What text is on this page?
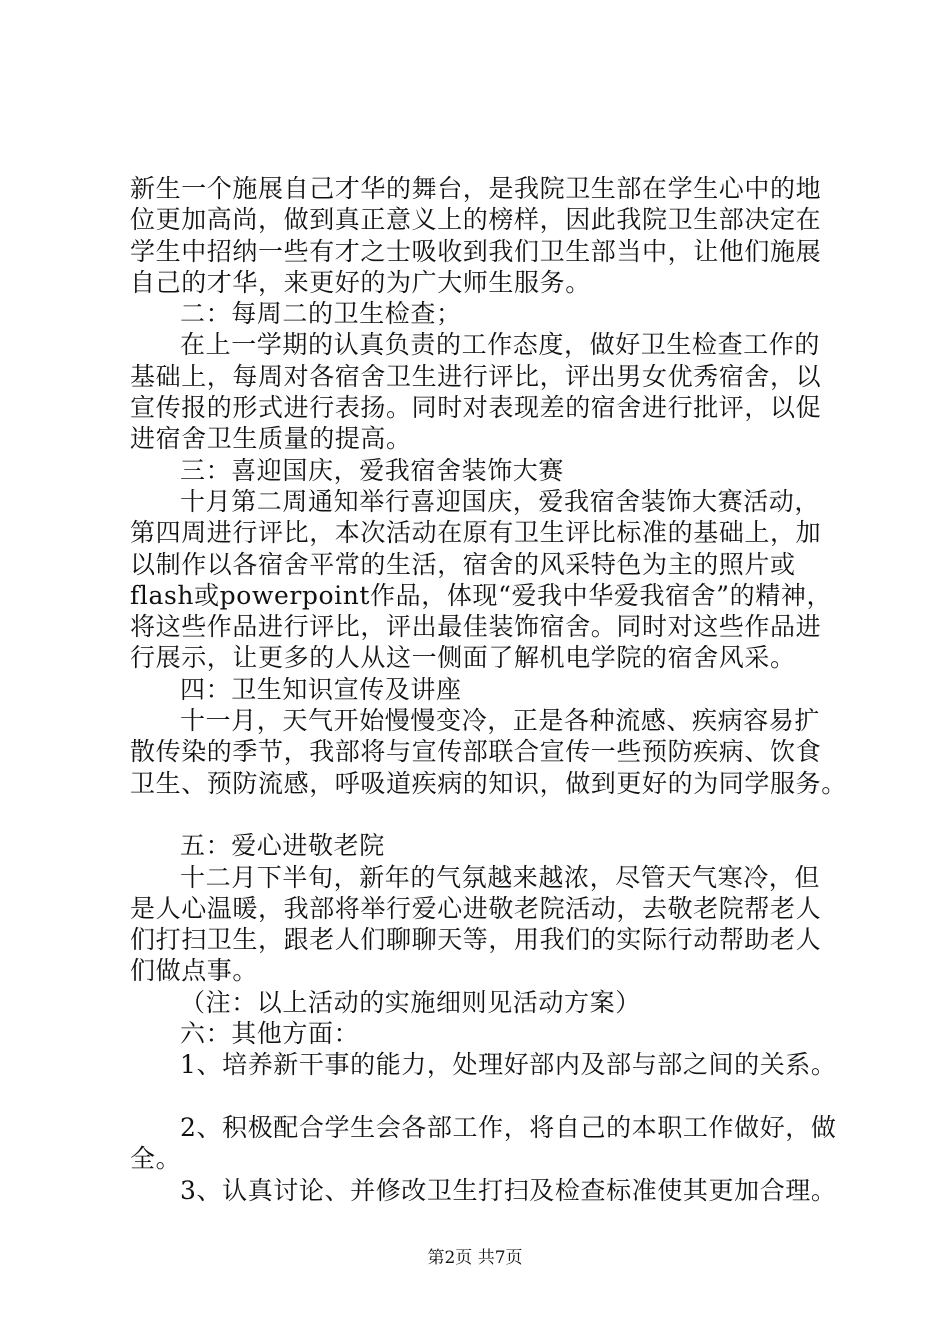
新生一个施展自己才华的舞台，是我院卫生部在学生心中的地

位更加高尚，做到真正意义上的榜样，因此我院卫生部决定在

学生中招纳一些有才之士吸收到我们卫生部当中，让他们施展

自己的才华，来更好的为广大师生服务。

二：每周二的卫生检查；

在上一学期的认真负责的工作态度，做好卫生检查工作的

基础上，每周对各宿舍卫生进行评比，评出男女优秀宿舍，以

宣传报的形式进行表扬。同时对表现差的宿舍进行批评，以促

进宿舍卫生质量的提高。

三：喜迎国庆，爱我宿舍装饰大赛

十月第二周通知举行喜迎国庆，爱我宿舍装饰大赛活动，

第四周进行评比，本次活动在原有卫生评比标准的基础上，加

以制作以各宿舍平常的生活，宿舍的风采特色为主的照片或

flash或powerpoint作品，体现“爱我中华爱我宿舍”的精神，

将这些作品进行评比，评出最佳装饰宿舍。同时对这些作品进

行展示，让更多的人从这一侧面了解机电学院的宿舍风采。

四：卫生知识宣传及讲座

十一月，天气开始慢慢变冷，正是各种流感、疾病容易扩

散传染的季节，我部将与宣传部联合宣传一些预防疾病、饮食

卫生、预防流感，呼吸道疾病的知识，做到更好的为同学服务。

五：爱心进敬老院

十二月下半旬，新年的气氛越来越浓，尽管天气寒冷，但

是人心温暖，我部将举行爱心进敬老院活动，去敬老院帮老人

们打扫卫生，跟老人们聊聊天等，用我们的实际行动帮助老人

们做点事。

（注：以上活动的实施细则见活动方案）

六：其他方面：

1、培养新干事的能力，处理好部内及部与部之间的关系。

2、积极配合学生会各部工作，将自己的本职工作做好，做

全。

3、认真讨论、并修改卫生打扫及检查标准使其更加合理。

第2页 共7页
